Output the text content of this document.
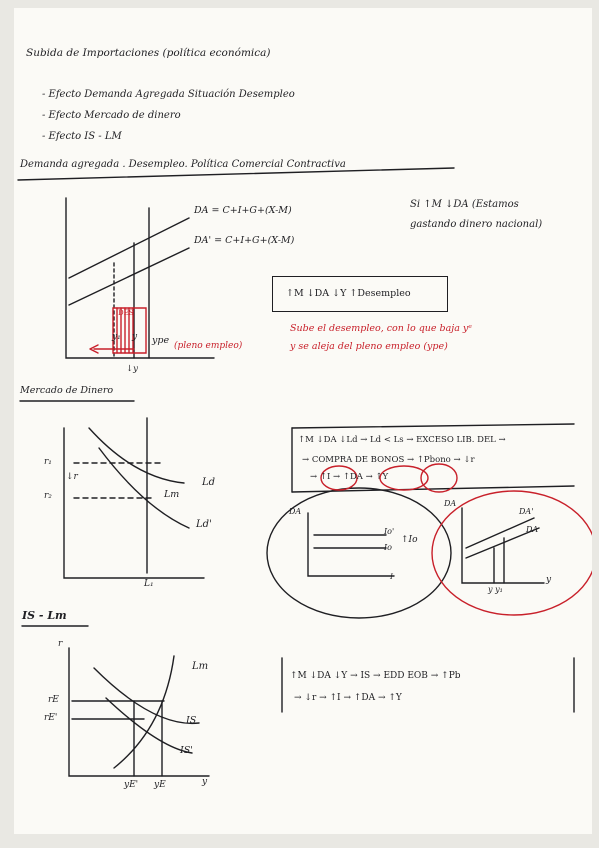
Subida de Importaciones (política económica)
- Efecto Demanda Agregada Situación Desempleo
- Efecto Mercado de dinero
- Efecto IS - LM
Demanda agregada . Desempleo. Política Comercial Contractiva
DA = C+I+G+(X-M)
DA' = C+I+G+(X-M)
Si ↑M ↓DA (Estamos
gastando dinero nacional)
↑M ↓DA ↓Y ↑Desempleo
Sube el desempleo, con lo que baja yᵉ
y se aleja del pleno empleo (ype)
DES
y₁ y ype (pleno empleo)
↓y
Mercado de Dinero
r₁
r₂
↓r
Lm
Ld
Ld'
L₁
↑M ↓DA ↓Ld → Ld < Ls → EXCESO LIB. DEL →
→ COMPRA DE BONOS → ↑Pbono → ↓r
→ ↑I → ↑DA → ↑Y
DA
Io'
Io
↑Io
I
DA
DA'
DA
y y₁
y
IS - Lm
r
rE
rE'
Lm
IS
IS'
yE' yE	y
↑M ↓DA ↓Y → IS → EDD EOB → ↑Pb
→ ↓r → ↑I → ↑DA → ↑Y
